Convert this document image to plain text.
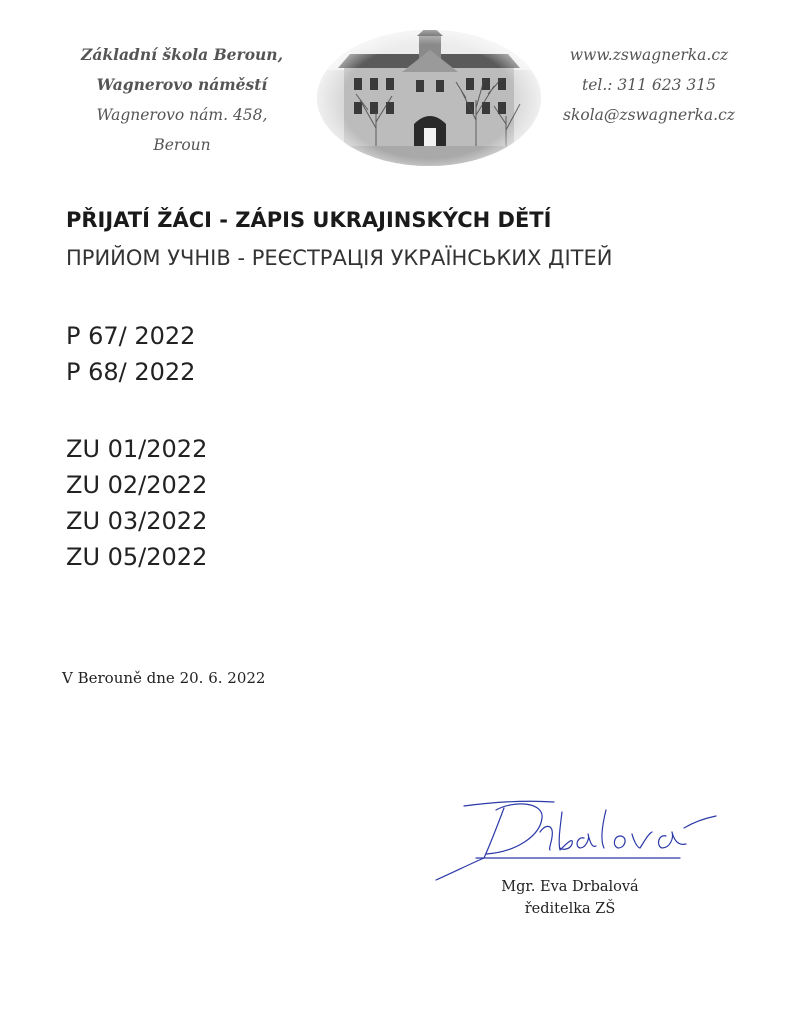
Základní škola Beroun,
Wagnerovo náměstí
Wagnerovo nám. 458, Beroun
www.zswagnerka.cz
tel.: 311 623 315
skola@zswagnerka.cz
PŘIJATÍ ŽÁCI - ZÁPIS UKRAJINSKÝCH DĚTÍ
ПРИЙОМ УЧНІВ - РЕЄСТРАЦІЯ УКРАЇНСЬКИХ ДІТЕЙ
P 67/ 2022
P 68/ 2022
ZU 01/2022
ZU 02/2022
ZU 03/2022
ZU 05/2022
V Berouně dne 20. 6. 2022
Mgr. Eva Drbalová
ředitelka ZŠ
